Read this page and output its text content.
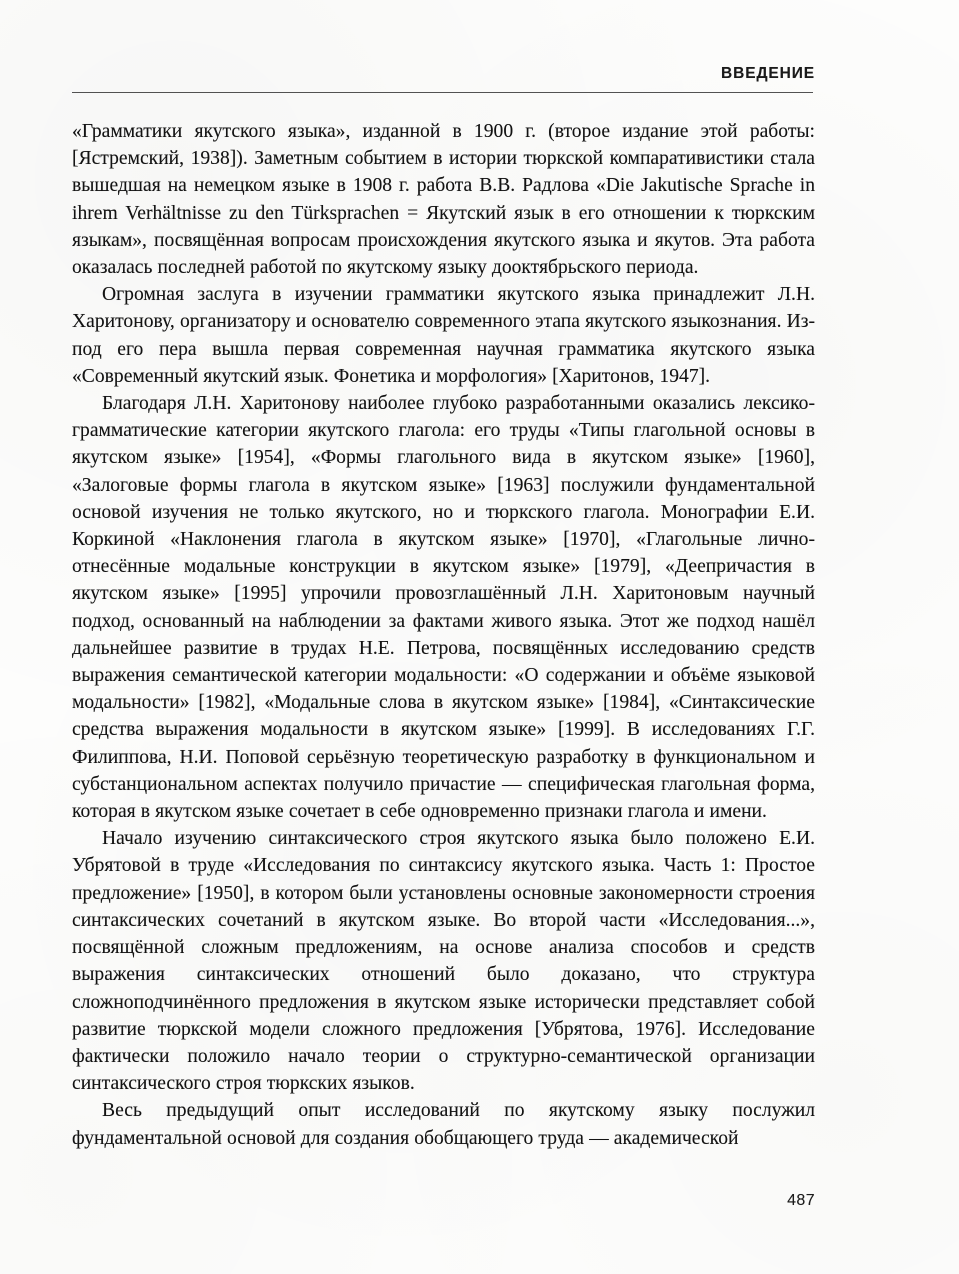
ВВЕДЕНИЕ

«Грамматики якутского языка», изданной в 1900 г. (второе издание этой работы: [Ястремский, 1938]). Заметным событием в истории тюркской компаративистики стала вышедшая на немецком языке в 1908 г. работа В.В. Радлова «Die Jakutische Sprache in ihrem Verhältnisse zu den Türksprachen = Якутский язык в его отношении к тюркским языкам», посвящённая вопросам происхождения якутского языка и якутов. Эта работа оказалась последней работой по якутскому языку дооктябрьского периода.

Огромная заслуга в изучении грамматики якутского языка принадлежит Л.Н. Харитонову, организатору и основателю современного этапа якутского языкознания. Из-под его пера вышла первая современная научная грамматика якутского языка «Современный якутский язык. Фонетика и морфология» [Харитонов, 1947].

Благодаря Л.Н. Харитонову наиболее глубоко разработанными оказались лексико-грамматические категории якутского глагола: его труды «Типы глагольной основы в якутском языке» [1954], «Формы глагольного вида в якутском языке» [1960], «Залоговые формы глагола в якутском языке» [1963] послужили фундаментальной основой изучения не только якутского, но и тюркского глагола. Монографии Е.И. Коркиной «Наклонения глагола в якутском языке» [1970], «Глагольные лично-отнесённые модальные конструкции в якутском языке» [1979], «Деепричастия в якутском языке» [1995] упрочили провозглашённый Л.Н. Харитоновым научный подход, основанный на наблюдении за фактами живого языка. Этот же подход нашёл дальнейшее развитие в трудах Н.Е. Петрова, посвящённых исследованию средств выражения семантической категории модальности: «О содержании и объёме языковой модальности» [1982], «Модальные слова в якутском языке» [1984], «Синтаксические средства выражения модальности в якутском языке» [1999]. В исследованиях Г.Г. Филиппова, Н.И. Поповой серьёзную теоретическую разработку в функциональном и субстанциональном аспектах получило причастие — специфическая глагольная форма, которая в якутском языке сочетает в себе одновременно признаки глагола и имени.

Начало изучению синтаксического строя якутского языка было положено Е.И. Убрятовой в труде «Исследования по синтаксису якутского языка. Часть 1: Простое предложение» [1950], в котором были установлены основные закономерности строения синтаксических сочетаний в якутском языке. Во второй части «Исследования...», посвящённой сложным предложениям, на основе анализа способов и средств выражения синтаксических отношений было доказано, что структура сложноподчинённого предложения в якутском языке исторически представляет собой развитие тюркской модели сложного предложения [Убрятова, 1976]. Исследование фактически положило начало теории о структурно-семантической организации синтаксического строя тюркских языков.

Весь предыдущий опыт исследований по якутскому языку послужил фундаментальной основой для создания обобщающего труда — академической

487
